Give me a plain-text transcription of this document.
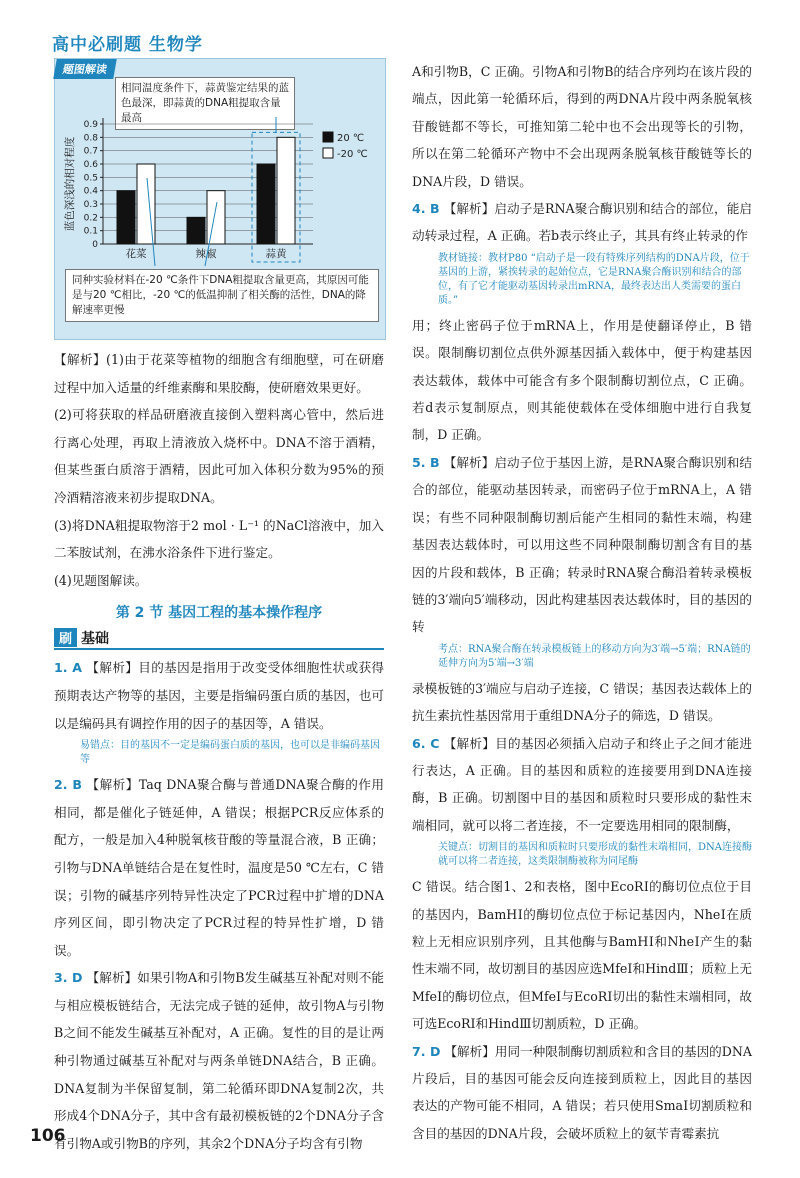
高中必刷题 生物学
题图解读
相同温度条件下，蒜黄鉴定结果的蓝色最深，即蒜黄的DNA粗提取含量最高
0
0.1
0.2
0.3
0.4
0.5
0.6
0.7
0.8
0.9
蓝色深浅的相对程度
花菜	辣椒	蒜黄
20 ℃
-20 ℃
同种实验材料在-20 ℃条件下DNA粗提取含量更高，其原因可能是与20 ℃相比，-20 ℃的低温抑制了相关酶的活性，DNA的降解速率更慢

【解析】(1)由于花菜等植物的细胞含有细胞壁，可在研磨过程中加入适量的纤维素酶和果胶酶，使研磨效果更好。

(2)可将获取的样品研磨液直接倒入塑料离心管中，然后进行离心处理，再取上清液放入烧杯中。DNA不溶于酒精，但某些蛋白质溶于酒精，因此可加入体积分数为95%的预冷酒精溶液来初步提取DNA。

(3)将DNA粗提取物溶于2 mol · L⁻¹ 的NaCl溶液中，加入二苯胺试剂，在沸水浴条件下进行鉴定。

(4)见题图解读。

第 2 节 基因工程的基本操作程序
刷 基础

1. A 【解析】目的基因是指用于改变受体细胞性状或获得预期表达产物等的基因，主要是指编码蛋白质的基因，也可以是编码具有调控作用的因子的基因等，A 错误。

易错点：目的基因不一定是编码蛋白质的基因，也可以是非编码基因等

2. B 【解析】Taq DNA聚合酶与普通DNA聚合酶的作用相同，都是催化子链延伸，A 错误；根据PCR反应体系的配方，一般是加入4种脱氧核苷酸的等量混合液，B 正确；引物与DNA单链结合是在复性时，温度是50 ℃左右，C 错误；引物的碱基序列特异性决定了PCR过程中扩增的DNA序列区间，即引物决定了PCR过程的特异性扩增，D 错误。

3. D 【解析】如果引物A和引物B发生碱基互补配对则不能与相应模板链结合，无法完成子链的延伸，故引物A与引物B之间不能发生碱基互补配对，A 正确。复性的目的是让两种引物通过碱基互补配对与两条单链DNA结合，B 正确。DNA复制为半保留复制，第二轮循环即DNA复制2次，共形成4个DNA分子，其中含有最初模板链的2个DNA分子含有引物A或引物B的序列，其余2个DNA分子均含有引物

A和引物B，C 正确。引物A和引物B的结合序列均在该片段的端点，因此第一轮循环后，得到的两DNA片段中两条脱氧核苷酸链都不等长，可推知第二轮中也不会出现等长的引物，所以在第二轮循环产物中不会出现两条脱氧核苷酸链等长的DNA片段，D 错误。

4. B 【解析】启动子是RNA聚合酶识别和结合的部位，能启动转录过程，A 正确。若b表示终止子，其具有终止转录的作

教材链接：教材P80 “启动子是一段有特殊序列结构的DNA片段，位于基因的上游，紧挨转录的起始位点，它是RNA聚合酶识别和结合的部位，有了它才能驱动基因转录出mRNA，最终表达出人类需要的蛋白质。”

用；终止密码子位于mRNA上，作用是使翻译停止，B 错误。限制酶切割位点供外源基因插入载体中，便于构建基因表达载体，载体中可能含有多个限制酶切割位点，C 正确。若d表示复制原点，则其能使载体在受体细胞中进行自我复制，D 正确。

5. B 【解析】启动子位于基因上游，是RNA聚合酶识别和结合的部位，能驱动基因转录，而密码子位于mRNA上，A 错误；有些不同种限制酶切割后能产生相同的黏性末端，构建基因表达载体时，可以用这些不同种限制酶切割含有目的基因的片段和载体，B 正确；转录时RNA聚合酶沿着转录模板链的3′端向5′端移动，因此构建基因表达载体时，目的基因的转

考点：RNA聚合酶在转录模板链上的移动方向为3′端→5′端；RNA链的延伸方向为5′端→3′端

录模板链的3′端应与启动子连接，C 错误；基因表达载体上的抗生素抗性基因常用于重组DNA分子的筛选，D 错误。

6. C 【解析】目的基因必须插入启动子和终止子之间才能进行表达，A 正确。目的基因和质粒的连接要用到DNA连接酶，B 正确。切割图中目的基因和质粒时只要形成的黏性末端相同，就可以将二者连接，不一定要选用相同的限制酶，

关键点：切割目的基因和质粒时只要形成的黏性末端相同，DNA连接酶就可以将二者连接，这类限制酶被称为同尾酶

C 错误。结合图1、2和表格，图中EcoRⅠ的酶切位点位于目的基因内，BamHⅠ的酶切位点位于标记基因内，NheⅠ在质粒上无相应识别序列，且其他酶与BamHⅠ和NheⅠ产生的黏性末端不同，故切割目的基因应选MfeⅠ和HindⅢ；质粒上无MfeⅠ的酶切位点，但MfeⅠ与EcoRⅠ切出的黏性末端相同，故可选EcoRⅠ和HindⅢ切割质粒，D 正确。

7. D 【解析】用同一种限制酶切割质粒和含目的基因的DNA片段后，目的基因可能会反向连接到质粒上，因此目的基因表达的产物可能不相同，A 错误；若只使用SmaⅠ切割质粒和含目的基因的DNA片段，会破坏质粒上的氨苄青霉素抗

106
